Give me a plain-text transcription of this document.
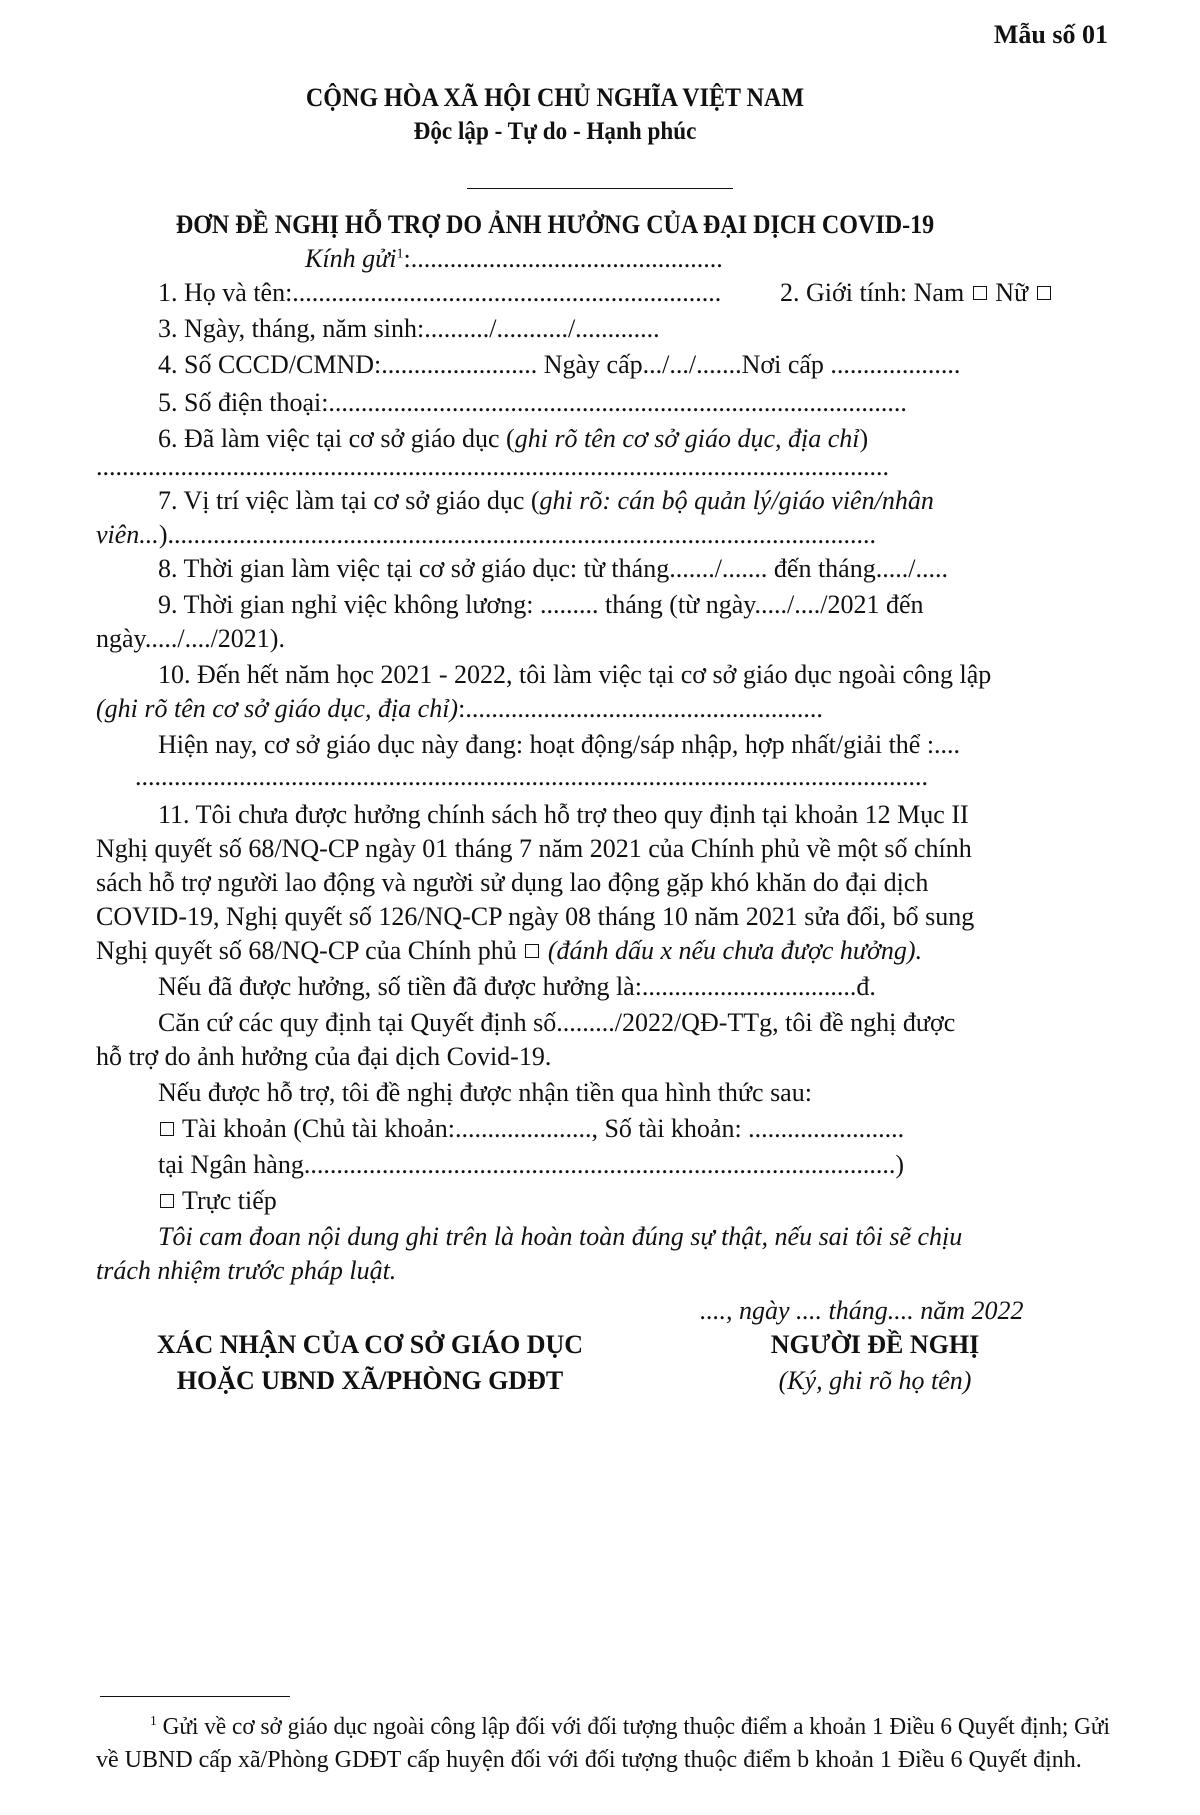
Mẫu số 01
CỘNG HÒA XÃ HỘI CHỦ NGHĨA VIỆT NAM
Độc lập - Tự do - Hạnh phúc
ĐƠN ĐỀ NGHỊ HỖ TRỢ DO ẢNH HƯỞNG CỦA ĐẠI DỊCH COVID-19
Kính gửi$^1$:................................................
1. Họ và tên:.................................................................. 2. Giới tính: Nam Nữ
3. Ngày, tháng, năm sinh:........../.........../.............
4. Số CCCD/CMND:........................ Ngày cấp.../.../.......Nơi cấp ....................
5. Số điện thoại:.........................................................................................
6. Đã làm việc tại cơ sở giáo dục (ghi rõ tên cơ sở giáo dục, địa chỉ)
..........................................................................................................................
7. Vị trí việc làm tại cơ sở giáo dục (ghi rõ: cán bộ quản lý/giáo viên/nhân
viên...).............................................................................................................
8. Thời gian làm việc tại cơ sở giáo dục: từ tháng......./....... đến tháng...../.....
9. Thời gian nghỉ việc không lương: ......... tháng (từ ngày...../..../2021 đến
ngày...../..../2021).
10. Đến hết năm học 2021 - 2022, tôi làm việc tại cơ sở giáo dục ngoài công lập
(ghi rõ tên cơ sở giáo dục, địa chỉ):.......................................................
Hiện nay, cơ sở giáo dục này đang: hoạt động/sáp nhập, hợp nhất/giải thể :....
..........................................................................................................................
11. Tôi chưa được hưởng chính sách hỗ trợ theo quy định tại khoản 12 Mục II
Nghị quyết số 68/NQ-CP ngày 01 tháng 7 năm 2021 của Chính phủ về một số chính
sách hỗ trợ người lao động và người sử dụng lao động gặp khó khăn do đại dịch
COVID-19, Nghị quyết số 126/NQ-CP ngày 08 tháng 10 năm 2021 sửa đổi, bổ sung
Nghị quyết số 68/NQ-CP của Chính phủ (đánh dấu x nếu chưa được hưởng).
Nếu đã được hưởng, số tiền đã được hưởng là:.................................đ.
Căn cứ các quy định tại Quyết định số........./2022/QĐ-TTg, tôi đề nghị được
hỗ trợ do ảnh hưởng của đại dịch Covid-19.
Nếu được hỗ trợ, tôi đề nghị được nhận tiền qua hình thức sau:
Tài khoản (Chủ tài khoản:....................., Số tài khoản: ........................
tại Ngân hàng...........................................................................................)
Trực tiếp
Tôi cam đoan nội dung ghi trên là hoàn toàn đúng sự thật, nếu sai tôi sẽ chịu
trách nhiệm trước pháp luật.
...., ngày .... tháng.... năm 2022
XÁC NHẬN CỦA CƠ SỞ GIÁO DỤC
HOẶC UBND XÃ/PHÒNG GDĐT
NGƯỜI ĐỀ NGHỊ
(Ký, ghi rõ họ tên)
$^1$ Gửi về cơ sở giáo dục ngoài công lập đối với đối tượng thuộc điểm a khoản 1 Điều 6 Quyết định; Gửi
về UBND cấp xã/Phòng GDĐT cấp huyện đối với đối tượng thuộc điểm b khoản 1 Điều 6 Quyết định.
